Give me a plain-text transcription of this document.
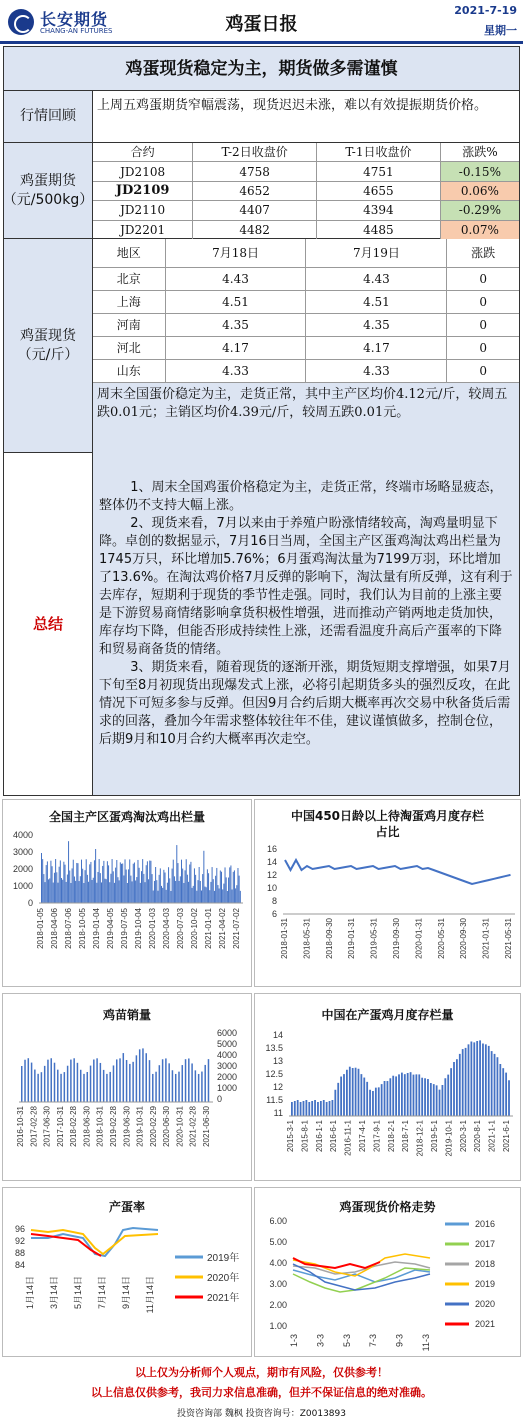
长安期货
CHANG-AN FUTURES	鸡蛋日报
2021-7-19
星期一
鸡蛋现货稳定为主，期货做多需谨慎
行情回顾
上周五鸡蛋期货窄幅震荡，现货迟迟未涨，难以有效提振期货价格。
鸡蛋期货（元/500kg）
合约	T-2日收盘价	T-1日收盘价	涨跌%
JD2108	4758	4751	-0.15%
JD2109	4652	4655	0.06%
JD2110	4407	4394	-0.29%
JD2201	4482	4485	0.07%
鸡蛋现货（元/斤）
地区	7月18日	7月19日	涨跌
北京	4.43	4.43	0
上海	4.51	4.51	0
河南	4.35	4.35	0
河北	4.17	4.17	0
山东	4.33	4.33	0
周末全国蛋价稳定为主，走货正常，其中主产区均价4.12元/斤，较周五跌0.01元；主销区均价4.39元/斤，较周五跌0.01元。
总结

1、周末全国鸡蛋价格稳定为主，走货正常，终端市场略显疲态，整体仍不支持大幅上涨。

2、现货来看，7月以来由于养殖户盼涨情绪较高，淘鸡量明显下降。卓创的数据显示，7月16日当周，全国主产区蛋鸡淘汰鸡出栏量为1745万只，环比增加5.76%；6月蛋鸡淘汰量为7199万羽，环比增加了13.6%。在淘汰鸡价格7月反弹的影响下，淘汰量有所反弹，这有利于去库存，短期利于现货的季节性走强。同时，我们认为目前的上涨主要是下游贸易商情绪影响拿货积极性增强，进而推动产销两地走货加快，库存均下降，但能否形成持续性上涨，还需看温度升高后产蛋率的下降和贸易商备货的情绪。

3、期货来看，随着现货的逐渐开涨，期货短期支撑增强，如果7月下旬至8月初现货出现爆发式上涨，必将引起期货多头的强烈反攻，在此情况下可短多参与反弹。但因9月合约后期大概率再次交易中秋备货后需求的回落，叠加今年需求整体较往年不佳，建议谨慎做多，控制仓位，后期9月和10月合约大概率再次走空。

全国主产区蛋鸡淘汰鸡出栏量
4000
3000
2000
1000
0
2018-01-05 2018-04-06 2018-07-06 2018-10-05 2019-01-04 2019-04-05 2019-07-05 2019-10-04 2020-01-03 2020-04-03 2020-07-03 2020-10-02 2021-01-01 2021-04-02 2021-07-02
中国450日龄以上待淘蛋鸡月度存栏占比
16
14
12
10
8
6
2018-01-31 2018-05-31 2018-09-30 2019-01-31 2019-05-31 2019-09-30 2020-01-31 2020-05-31 2020-09-30 2021-01-31 2021-05-31
鸡苗销量
6000
5000
4000
3000
2000
1000
0
2016-10-31 2017-02-28 2017-06-30 2017-10-31 2018-02-28 2018-06-30 2018-10-31 2019-02-28 2019-06-30 2019-10-31 2020-02-29 2020-06-30 2020-10-31 2021-02-28 2021-06-30
中国在产蛋鸡月度存栏量
14
13.5
13
12.5
12
11.5
11
2015-3-1 2015-8-1 2016-1-1 2016-6-1 2016-11-1 2017-4-1 2017-9-1 2018-2-1 2018-7-1 2018-12-1 2019-5-1 2019-10-1 2020-3-1 2020-8-1 2021-1-1 2021-6-1
产蛋率
96
92
88
84
1月14日 3月14日 5月14日 7月14日 9月14日 11月14日
2019年
2020年
2021年
鸡蛋现货价格走势
6.00
5.00
4.00
3.00
2.00
1.00
1-3 3-3 5-3 7-3 9-3 11-3
2016
2017
2018
2019
2020
2021
以上仅为分析师个人观点，期市有风险，仅供参考！
以上信息仅供参考，我司力求信息准确，但并不保证信息的绝对准确。
投资咨询部 魏枫 投资咨询号：Z0013893
